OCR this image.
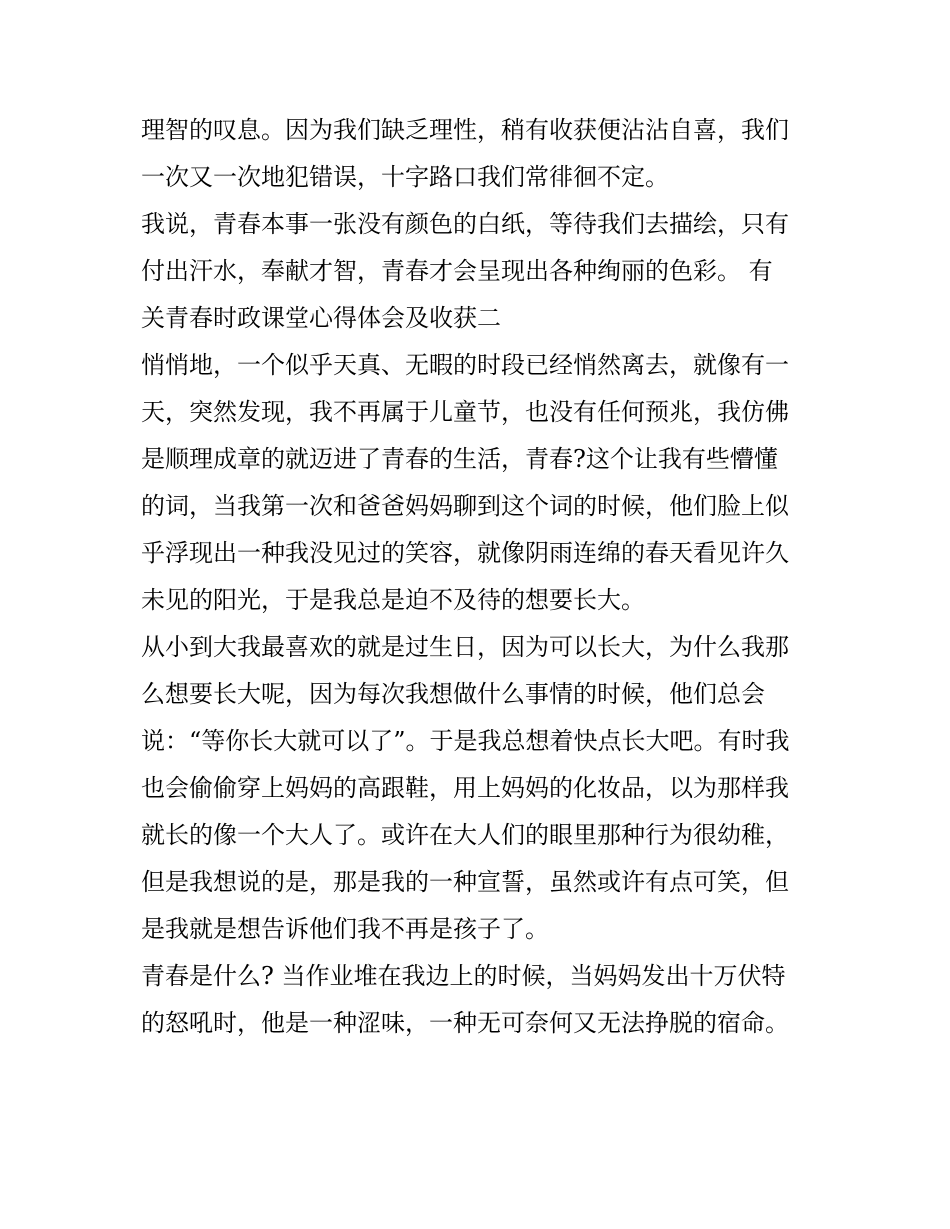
理智的叹息。因为我们缺乏理性，稍有收获便沾沾自喜，我们
一次又一次地犯错误，十字路口我们常徘徊不定。
我说，青春本事一张没有颜色的白纸，等待我们去描绘，只有
付出汗水，奉献才智，青春才会呈现出各种绚丽的色彩。 有
关青春时政课堂心得体会及收获二
悄悄地，一个似乎天真、无暇的时段已经悄然离去，就像有一
天，突然发现，我不再属于儿童节，也没有任何预兆，我仿佛
是顺理成章的就迈进了青春的生活，青春?这个让我有些懵懂
的词，当我第一次和爸爸妈妈聊到这个词的时候，他们脸上似
乎浮现出一种我没见过的笑容，就像阴雨连绵的春天看见许久
未见的阳光，于是我总是迫不及待的想要长大。
从小到大我最喜欢的就是过生日，因为可以长大，为什么我那
么想要长大呢，因为每次我想做什么事情的时候，他们总会
说：“等你长大就可以了”。于是我总想着快点长大吧。有时我
也会偷偷穿上妈妈的高跟鞋，用上妈妈的化妆品，以为那样我
就长的像一个大人了。或许在大人们的眼里那种行为很幼稚，
但是我想说的是，那是我的一种宣誓，虽然或许有点可笑，但
是我就是想告诉他们我不再是孩子了。
青春是什么? 当作业堆在我边上的时候，当妈妈发出十万伏特
的怒吼时，他是一种涩味，一种无可奈何又无法挣脱的宿命。
